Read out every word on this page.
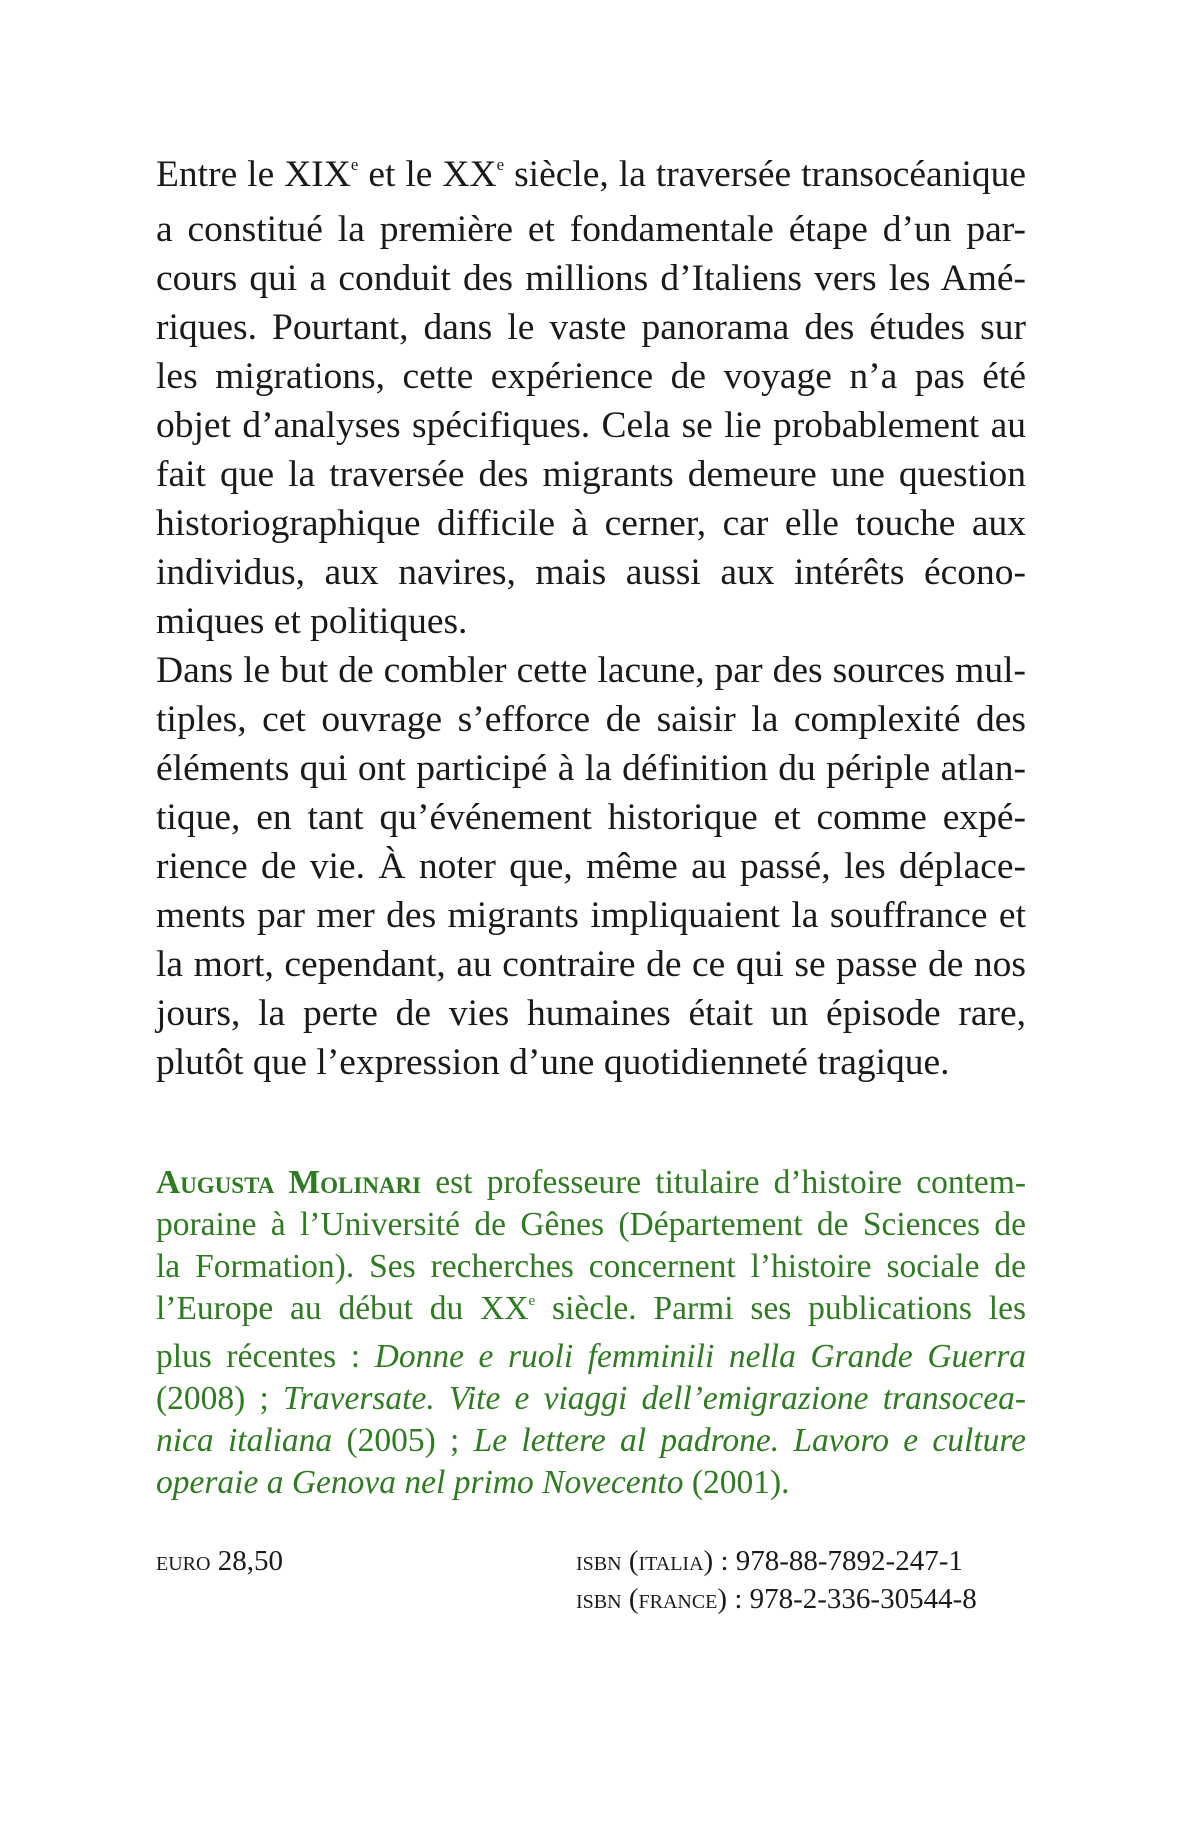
Entre le XIXe et le XXe siècle, la traversée transocéanique
a constitué la première et fondamentale étape d’un par-
cours qui a conduit des millions d’Italiens vers les Amé-
riques. Pourtant, dans le vaste panorama des études sur
les migrations, cette expérience de voyage n’a pas été
objet d’analyses spécifiques. Cela se lie probablement au
fait que la traversée des migrants demeure une question
historiographique difficile à cerner, car elle touche aux
individus, aux navires, mais aussi aux intérêts écono-
miques et politiques.
Dans le but de combler cette lacune, par des sources mul-
tiples, cet ouvrage s’efforce de saisir la complexité des
éléments qui ont participé à la définition du périple atlan-
tique, en tant qu’événement historique et comme expé-
rience de vie. À noter que, même au passé, les déplace-
ments par mer des migrants impliquaient la souffrance et
la mort, cependant, au contraire de ce qui se passe de nos
jours, la perte de vies humaines était un épisode rare,
plutôt que l’expression d’une quotidienneté tragique.
Augusta Molinari est professeure titulaire d’histoire contem-
poraine à l’Université de Gênes (Département de Sciences de
la Formation). Ses recherches concernent l’histoire sociale de
l’Europe au début du XXe siècle. Parmi ses publications les
plus récentes : Donne e ruoli femminili nella Grande Guerra
(2008) ; Traversate. Vite e viaggi dell’emigrazione transocea-
nica italiana (2005) ; Le lettere al padrone. Lavoro e culture
operaie a Genova nel primo Novecento (2001).
euro 28,50	isbn (italia) : 978-88-7892-247-1
isbn (france) : 978-2-336-30544-8
